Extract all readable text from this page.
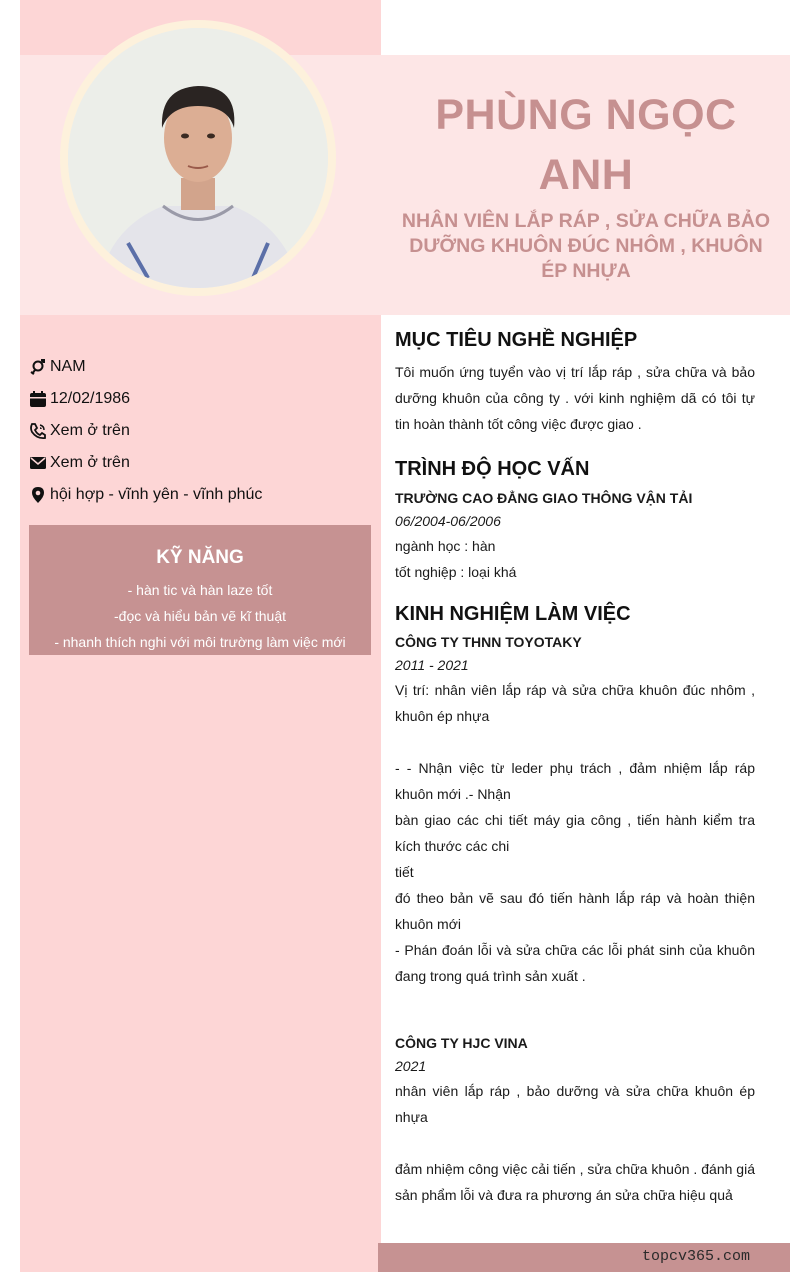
PHÙNG NGỌC ANH
NHÂN VIÊN LẮP RÁP , SỬA CHỮA BẢO DƯỠNG KHUÔN ĐÚC NHÔM , KHUÔN ÉP NHỰA
NAM
12/02/1986
Xem ở trên
Xem ở trên
hội hợp - vĩnh yên - vĩnh phúc
KỸ NĂNG

- hàn tic và hàn laze tốt

-đọc và hiểu bản vẽ kĩ thuật

- nhanh thích nghi với môi trường làm việc mới

MỤC TIÊU NGHỀ NGHIỆP

Tôi muốn ứng tuyển vào vị trí lắp ráp , sửa chữa và bảo dưỡng khuôn của công ty . với kinh nghiệm dã có tôi tự tin hoàn thành tốt công việc được giao .

TRÌNH ĐỘ HỌC VẤN

TRƯỜNG CAO ĐẲNG GIAO THÔNG VẬN TẢI

06/2004-06/2006

ngành học : hàn

tốt nghiệp : loại khá

KINH NGHIỆM LÀM VIỆC

CÔNG TY THNN TOYOTAKY

2011 - 2021

Vị trí: nhân viên lắp ráp và sửa chữa khuôn đúc nhôm , khuôn ép nhựa

- - Nhận việc từ leder phụ trách , đảm nhiệm lắp ráp khuôn mới .- Nhận

bàn giao các chi tiết máy gia công , tiến hành kiểm tra kích thước các chi

tiết

đó theo bản vẽ sau đó tiến hành lắp ráp và hoàn thiện khuôn mới

- Phán đoán lỗi và sửa chữa các lỗi phát sinh của khuôn đang trong quá trình sản xuất .

CÔNG TY HJC VINA

2021

nhân viên lắp ráp , bảo dưỡng và sửa chữa khuôn ép nhựa

đảm nhiệm công việc cải tiến , sửa chữa khuôn . đánh giá sản phẩm lỗi và đưa ra phương án sửa chữa hiệu quả

topcv365.com
